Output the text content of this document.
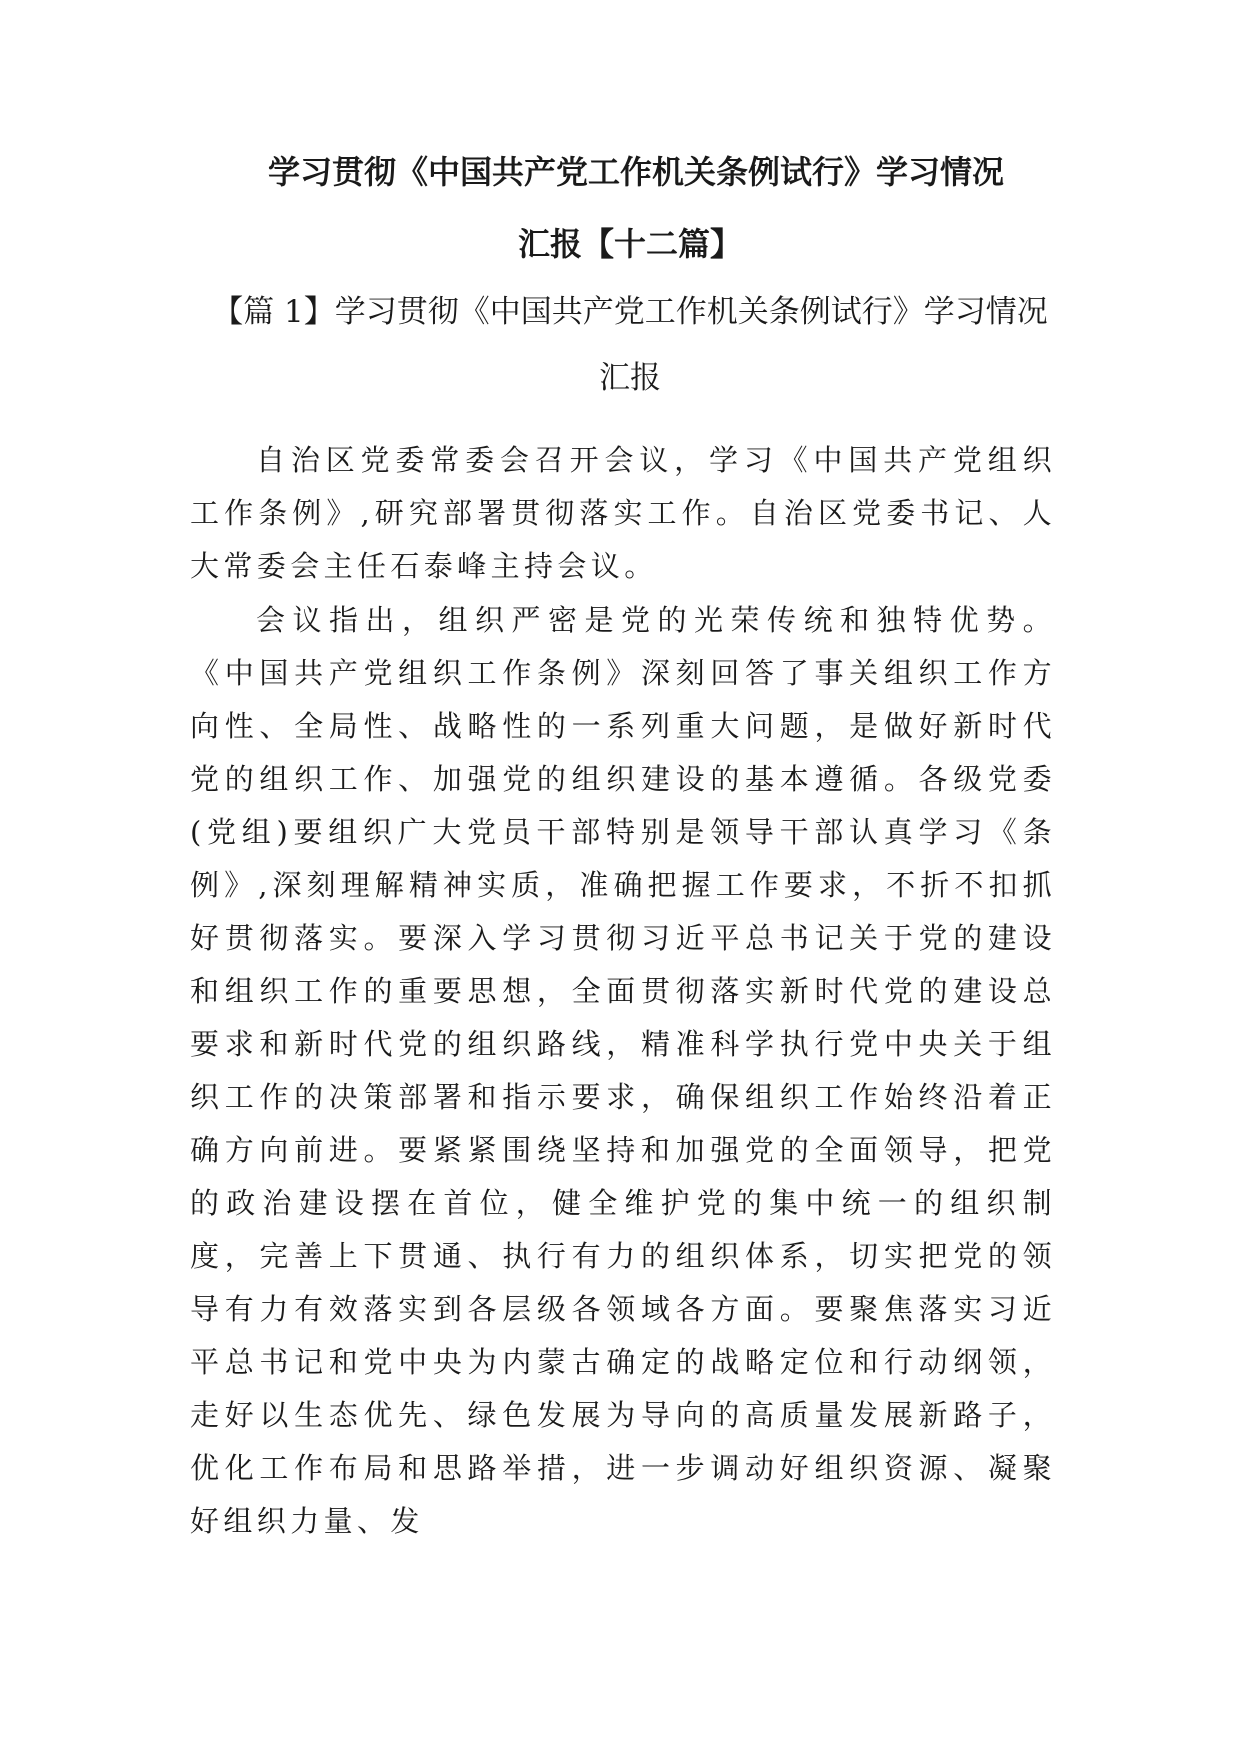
学习贯彻《中国共产党工作机关条例试行》学习情况
汇报【十二篇】
【篇 1】学习贯彻《中国共产党工作机关条例试行》学习情况
汇报

自治区党委常委会召开会议，学习《中国共产党组织工作条例》,研究部署贯彻落实工作。自治区党委书记、人大常委会主任石泰峰主持会议。

会议指出，组织严密是党的光荣传统和独特优势。 《中国共产党组织工作条例》深刻回答了事关组织工作方向性、全局性、战略性的一系列重大问题，是做好新时代党的组织工作、加强党的组织建设的基本遵循。各级党委(党组)要组织广大党员干部特别是领导干部认真学习《条例》,深刻理解精神实质，准确把握工作要求，不折不扣抓好贯彻落实。要深入学习贯彻习近平总书记关于党的建设和组织工作的重要思想，全面贯彻落实新时代党的建设总要求和新时代党的组织路线，精准科学执行党中央关于组织工作的决策部署和指示要求，确保组织工作始终沿着正确方向前进。要紧紧围绕坚持和加强党的全面领导，把党的政治建设摆在首位，健全维护党的集中统一的组织制度，完善上下贯通、执行有力的组织体系，切实把党的领导有力有效落实到各层级各领域各方面。要聚焦落实习近平总书记和党中央为内蒙古确定的战略定位和行动纲领，走好以生态优先、绿色发展为导向的高质量发展新路子，优化工作布局和思路举措，进一步调动好组织资源、凝聚好组织力量、发
